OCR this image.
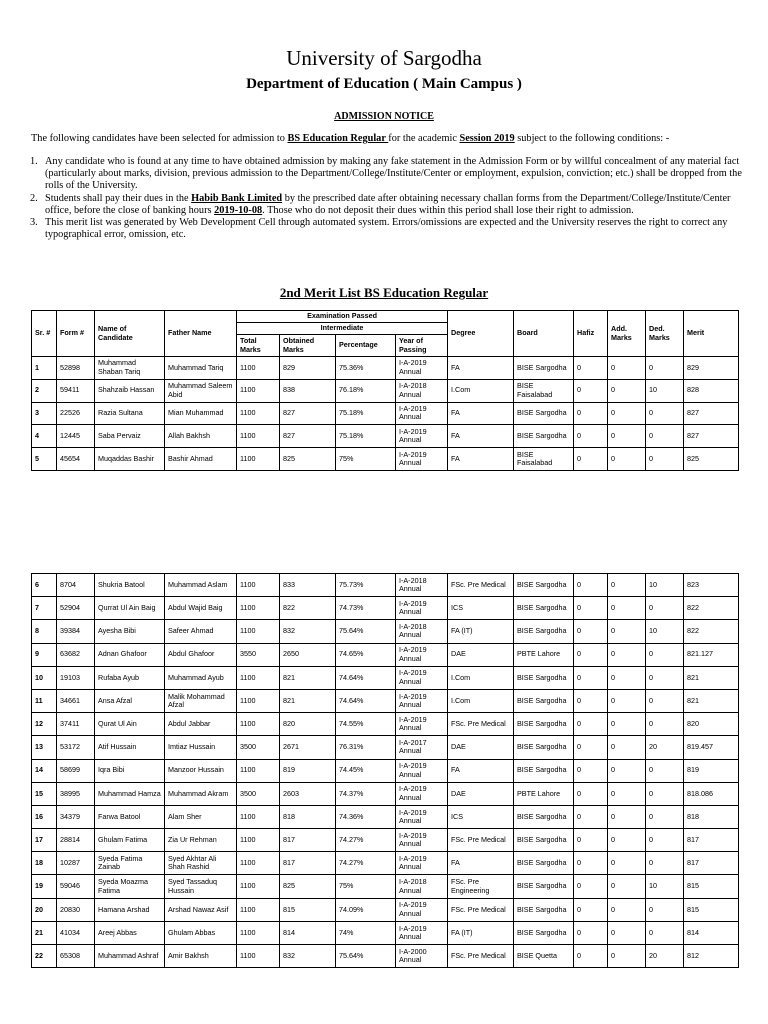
University of Sargodha
Department of Education ( Main Campus )
ADMISSION NOTICE
The following candidates have been selected for admission to BS Education Regular for the academic Session 2019 subject to the following conditions: -
1. Any candidate who is found at any time to have obtained admission by making any fake statement in the Admission Form or by willful concealment of any material fact (particularly about marks, division, previous admission to the Department/College/Institute/Center or employment, expulsion, conviction; etc.) shall be dropped from the rolls of the University.
2. Students shall pay their dues in the Habib Bank Limited by the prescribed date after obtaining necessary challan forms from the Department/College/Institute/Center office, before the close of banking hours 2019-10-08. Those who do not deposit their dues within this period shall lose their right to admission.
3. This merit list was generated by Web Development Cell through automated system. Errors/omissions are expected and the University reserves the right to correct any typographical error, omission, etc.
2nd Merit List BS Education Regular
Sr. #	Form #	Name of Candidate	Father Name	Examination Passed				Degree	Board	Hafiz	Add. Marks	Ded. Marks	Merit
				Intermediate									
				Total Marks	Obtained Marks	Percentage	Year of Passing						
1	52898	Muhammad Shaban Tariq	Muhammad Tariq	1100	829	75.36%	I-A-2019 Annual	FA	BISE Sargodha	0	0	0	829
2	59411	Shahzaib Hassan	Muhammad Saleem Abid	1100	838	76.18%	I-A-2018 Annual	I.Com	BISE Faisalabad	0	0	10	828
3	22526	Razia Sultana	Mian Muhammad	1100	827	75.18%	I-A-2019 Annual	FA	BISE Sargodha	0	0	0	827
4	12445	Saba Pervaiz	Allah Bakhsh	1100	827	75.18%	I-A-2019 Annual	FA	BISE Sargodha	0	0	0	827
5	45654	Muqaddas Bashir	Bashir Ahmad	1100	825	75%	I-A-2019 Annual	FA	BISE Faisalabad	0	0	0	825
6	8704	Shukria Batool	Muhammad Aslam	1100	833	75.73%	I-A-2018 Annual	FSc. Pre Medical	BISE Sargodha	0	0	10	823
7	52904	Qurrat Ul Ain Baig	Abdul Wajid Baig	1100	822	74.73%	I-A-2019 Annual	ICS	BISE Sargodha	0	0	0	822
8	39384	Ayesha Bibi	Safeer Ahmad	1100	832	75.64%	I-A-2018 Annual	FA (IT)	BISE Sargodha	0	0	10	822
9	63682	Adnan Ghafoor	Abdul Ghafoor	3550	2650	74.65%	I-A-2019 Annual	DAE	PBTE Lahore	0	0	0	821.127
10	19103	Rufaba Ayub	Muhammad Ayub	1100	821	74.64%	I-A-2019 Annual	I.Com	BISE Sargodha	0	0	0	821
11	34661	Ansa Afzal	Malik Mohammad Afzal	1100	821	74.64%	I-A-2019 Annual	I.Com	BISE Sargodha	0	0	0	821
12	37411	Qurat Ul Ain	Abdul Jabbar	1100	820	74.55%	I-A-2019 Annual	FSc. Pre Medical	BISE Sargodha	0	0	0	820
13	53172	Atif Hussain	Imtiaz Hussain	3500	2671	76.31%	I-A-2017 Annual	DAE	BISE Sargodha	0	0	20	819.457
14	58699	Iqra Bibi	Manzoor Hussain	1100	819	74.45%	I-A-2019 Annual	FA	BISE Sargodha	0	0	0	819
15	38995	Muhammad Hamza	Muhammad Akram	3500	2603	74.37%	I-A-2019 Annual	DAE	PBTE Lahore	0	0	0	818.086
16	34379	Farwa Batool	Alam Sher	1100	818	74.36%	I-A-2019 Annual	ICS	BISE Sargodha	0	0	0	818
17	28814	Ghulam Fatima	Zia Ur Rehman	1100	817	74.27%	I-A-2019 Annual	FSc. Pre Medical	BISE Sargodha	0	0	0	817
18	10287	Syeda Fatima Zainab	Syed Akhtar Ali Shah Rashid	1100	817	74.27%	I-A-2019 Annual	FA	BISE Sargodha	0	0	0	817
19	59046	Syeda Moazma Fatima	Syed Tassaduq Hussain	1100	825	75%	I-A-2018 Annual	FSc. Pre Engineering	BISE Sargodha	0	0	10	815
20	20830	Hamana Arshad	Arshad Nawaz Asif	1100	815	74.09%	I-A-2019 Annual	FSc. Pre Medical	BISE Sargodha	0	0	0	815
21	41034	Areej Abbas	Ghulam Abbas	1100	814	74%	I-A-2019 Annual	FA (IT)	BISE Sargodha	0	0	0	814
22	65308	Muhammad Ashraf	Amir Bakhsh	1100	832	75.64%	I-A-2000 Annual	FSc. Pre Medical	BISE Quetta	0	0	20	812
